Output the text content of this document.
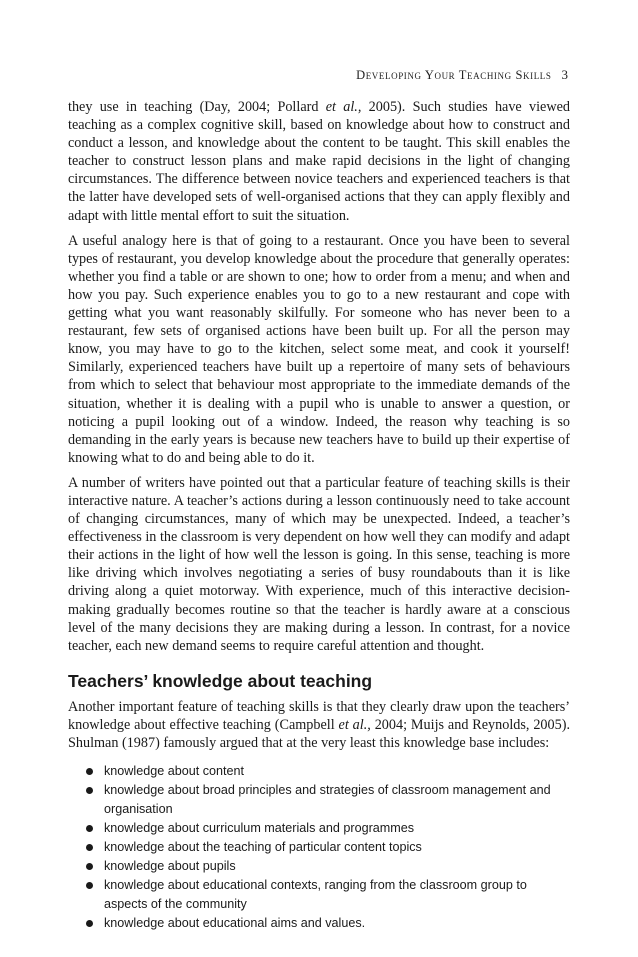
Developing Your Teaching Skills 3

they use in teaching (Day, 2004; Pollard et al., 2005). Such studies have viewed teaching as a complex cognitive skill, based on knowledge about how to construct and conduct a lesson, and knowledge about the content to be taught. This skill enables the teacher to construct lesson plans and make rapid decisions in the light of changing circumstances. The difference between novice teachers and experienced teachers is that the latter have developed sets of well-organised actions that they can apply flexibly and adapt with little mental effort to suit the situation.

A useful analogy here is that of going to a restaurant. Once you have been to several types of restaurant, you develop knowledge about the procedure that generally operates: whether you find a table or are shown to one; how to order from a menu; and when and how you pay. Such experience enables you to go to a new restaurant and cope with getting what you want reasonably skilfully. For someone who has never been to a restaurant, few sets of organised actions have been built up. For all the person may know, you may have to go to the kitchen, select some meat, and cook it yourself! Similarly, experienced teachers have built up a repertoire of many sets of behaviours from which to select that behaviour most appropriate to the immediate demands of the situation, whether it is dealing with a pupil who is unable to answer a question, or noticing a pupil looking out of a window. Indeed, the reason why teaching is so demanding in the early years is because new teachers have to build up their expertise of knowing what to do and being able to do it.

A number of writers have pointed out that a particular feature of teaching skills is their interactive nature. A teacher’s actions during a lesson continuously need to take account of changing circumstances, many of which may be unexpected. Indeed, a teacher’s effectiveness in the classroom is very dependent on how well they can modify and adapt their actions in the light of how well the lesson is going. In this sense, teaching is more like driving which involves negotiating a series of busy roundabouts than it is like driving along a quiet motorway. With experience, much of this interactive decision-making gradually becomes routine so that the teacher is hardly aware at a conscious level of the many decisions they are making during a lesson. In contrast, for a novice teacher, each new demand seems to require careful attention and thought.

Teachers’ knowledge about teaching

Another important feature of teaching skills is that they clearly draw upon the teachers’ knowledge about effective teaching (Campbell et al., 2004; Muijs and Reynolds, 2005). Shulman (1987) famously argued that at the very least this knowledge base includes:

knowledge about content
knowledge about broad principles and strategies of classroom management and organisation
knowledge about curriculum materials and programmes
knowledge about the teaching of particular content topics
knowledge about pupils
knowledge about educational contexts, ranging from the classroom group to aspects of the community
knowledge about educational aims and values.
